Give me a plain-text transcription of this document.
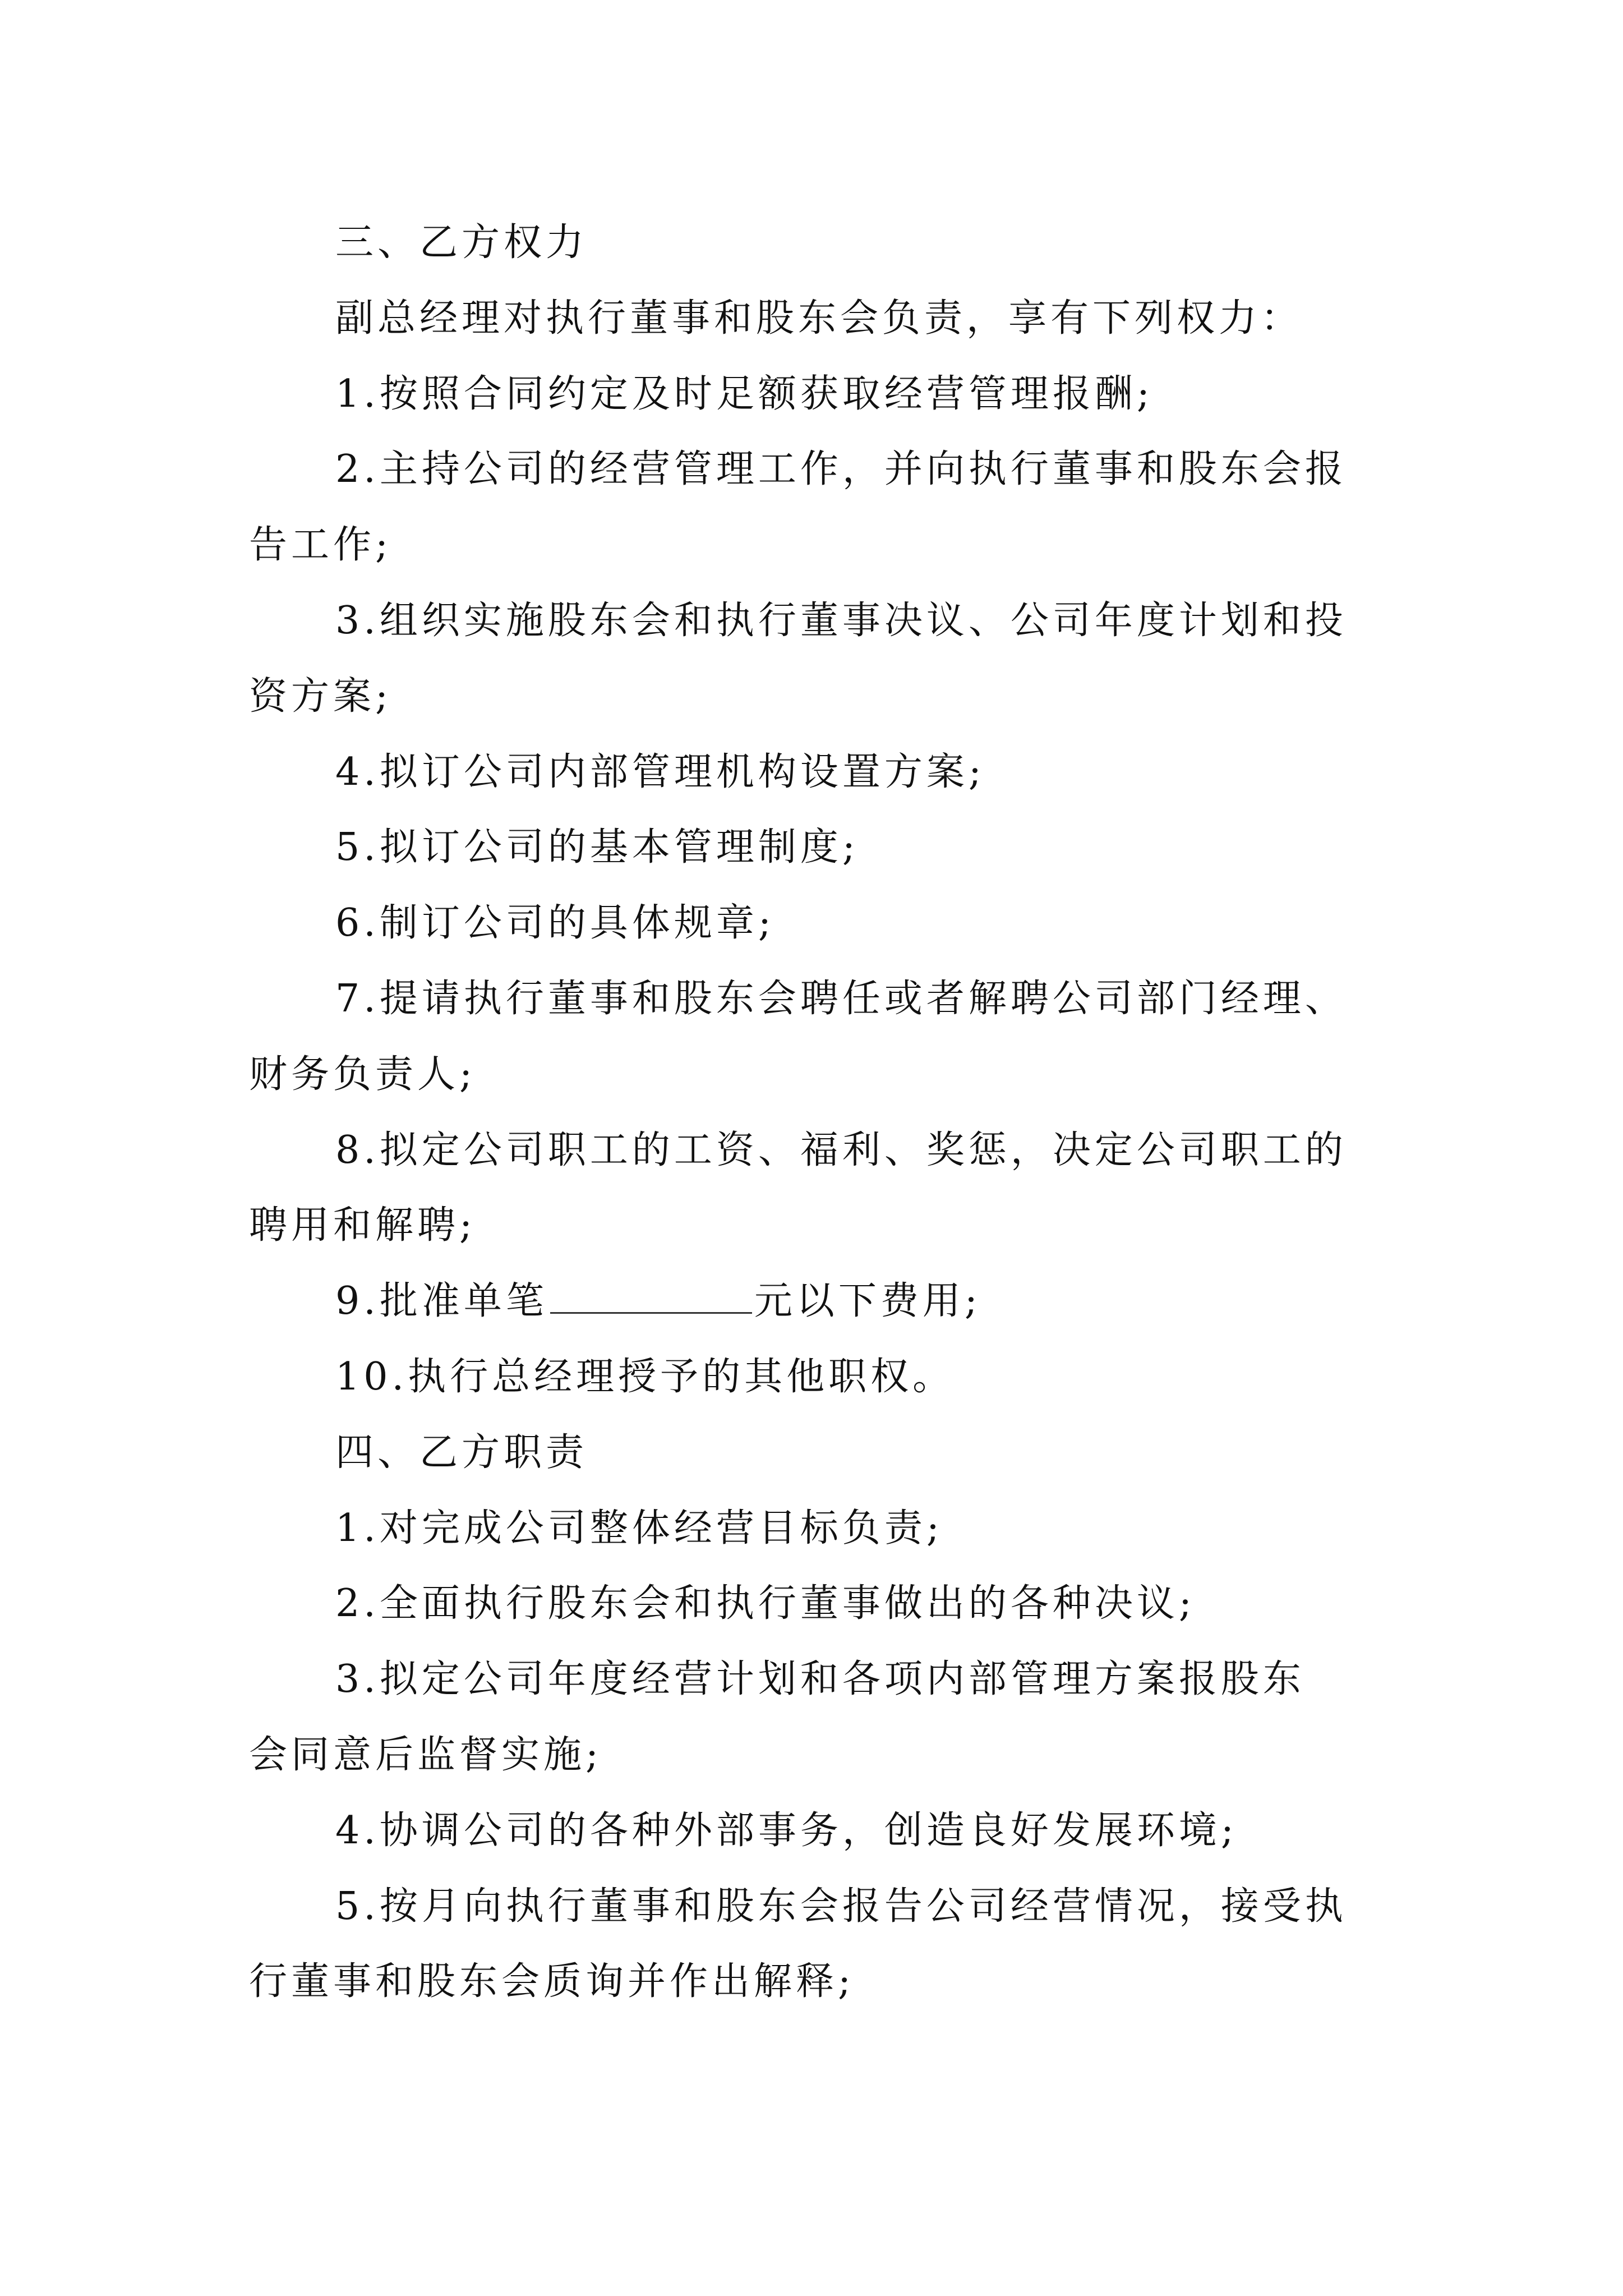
三、乙方权力
副总经理对执行董事和股东会负责，享有下列权力：
1.按照合同约定及时足额获取经营管理报酬;
2.主持公司的经营管理工作，并向执行董事和股东会报
告工作;
3.组织实施股东会和执行董事决议、公司年度计划和投
资方案;
4.拟订公司内部管理机构设置方案;
5.拟订公司的基本管理制度;
6.制订公司的具体规章;
7.提请执行董事和股东会聘任或者解聘公司部门经理、
财务负责人;
8.拟定公司职工的工资、福利、奖惩，决定公司职工的
聘用和解聘;
9.批准单笔	元以下费用;
10.执行总经理授予的其他职权。
四、乙方职责
1.对完成公司整体经营目标负责;
2.全面执行股东会和执行董事做出的各种决议;
3.拟定公司年度经营计划和各项内部管理方案报股东
会同意后监督实施;
4.协调公司的各种外部事务，创造良好发展环境;
5.按月向执行董事和股东会报告公司经营情况，接受执
行董事和股东会质询并作出解释;
